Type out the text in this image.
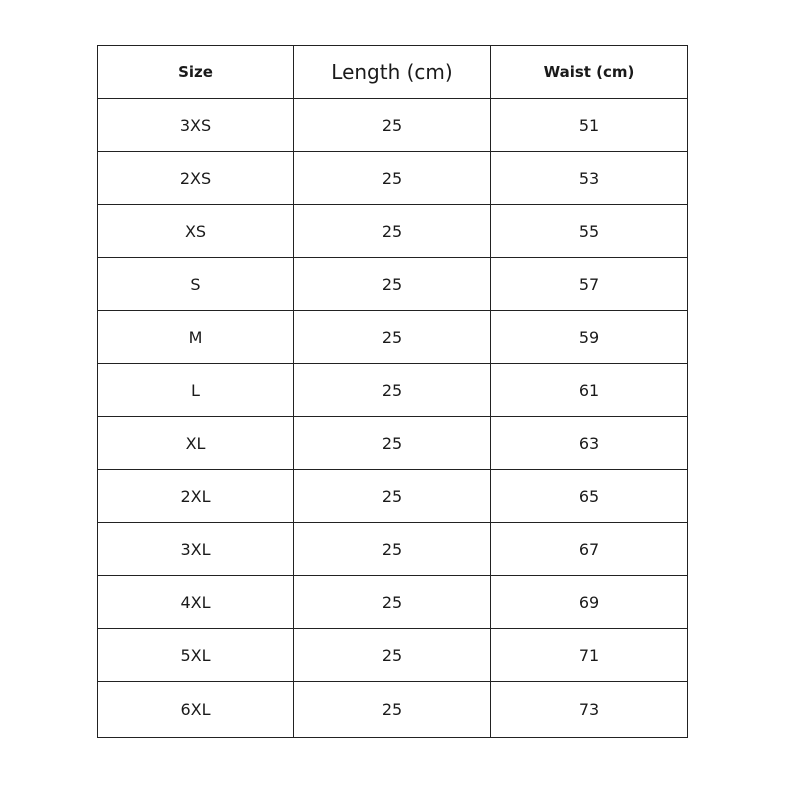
Size	Length (cm)	Waist (cm)
3XS	25	51
2XS	25	53
XS	25	55
S	25	57
M	25	59
L	25	61
XL	25	63
2XL	25	65
3XL	25	67
4XL	25	69
5XL	25	71
6XL	25	73
